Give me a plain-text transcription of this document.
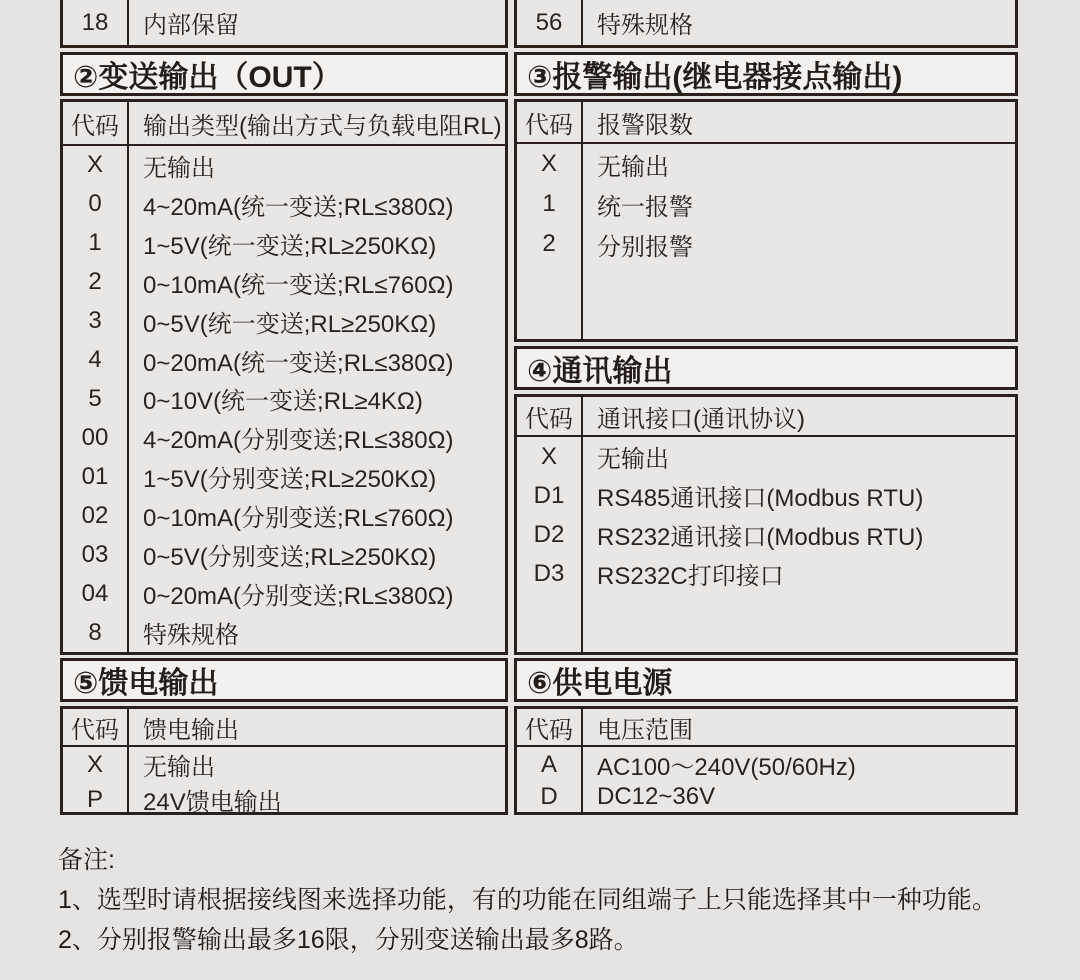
18	内部保留	56	特殊规格
②变送输出（OUT）	③报警输出(继电器接点输出)
代码	输出类型(输出方式与负载电阻RL)
X	无输出
0	4~20mA(统一变送;RL≤380Ω)
1	1~5V(统一变送;RL≥250KΩ)
2	0~10mA(统一变送;RL≤760Ω)
3	0~5V(统一变送;RL≥250KΩ)
4	0~20mA(统一变送;RL≤380Ω)
5	0~10V(统一变送;RL≥4KΩ)
00	4~20mA(分别变送;RL≤380Ω)
01	1~5V(分别变送;RL≥250KΩ)
02	0~10mA(分别变送;RL≤760Ω)
03	0~5V(分别变送;RL≥250KΩ)
04	0~20mA(分别变送;RL≤380Ω)
8	特殊规格
代码	报警限数
X	无输出
1	统一报警
2	分别报警
④通讯输出
代码	通讯接口(通讯协议)
X	无输出
D1	RS485通讯接口(Modbus RTU)
D2	RS232通讯接口(Modbus RTU)
D3	RS232C打印接口
⑤馈电输出
代码	馈电输出
X	无输出
P	24V馈电输出
⑥供电电源
代码	电压范围
A	AC100～240V(50/60Hz)
D	DC12~36V
备注:
1、选型时请根据接线图来选择功能，有的功能在同组端子上只能选择其中一种功能。
2、分别报警输出最多16限，分别变送输出最多8路。
